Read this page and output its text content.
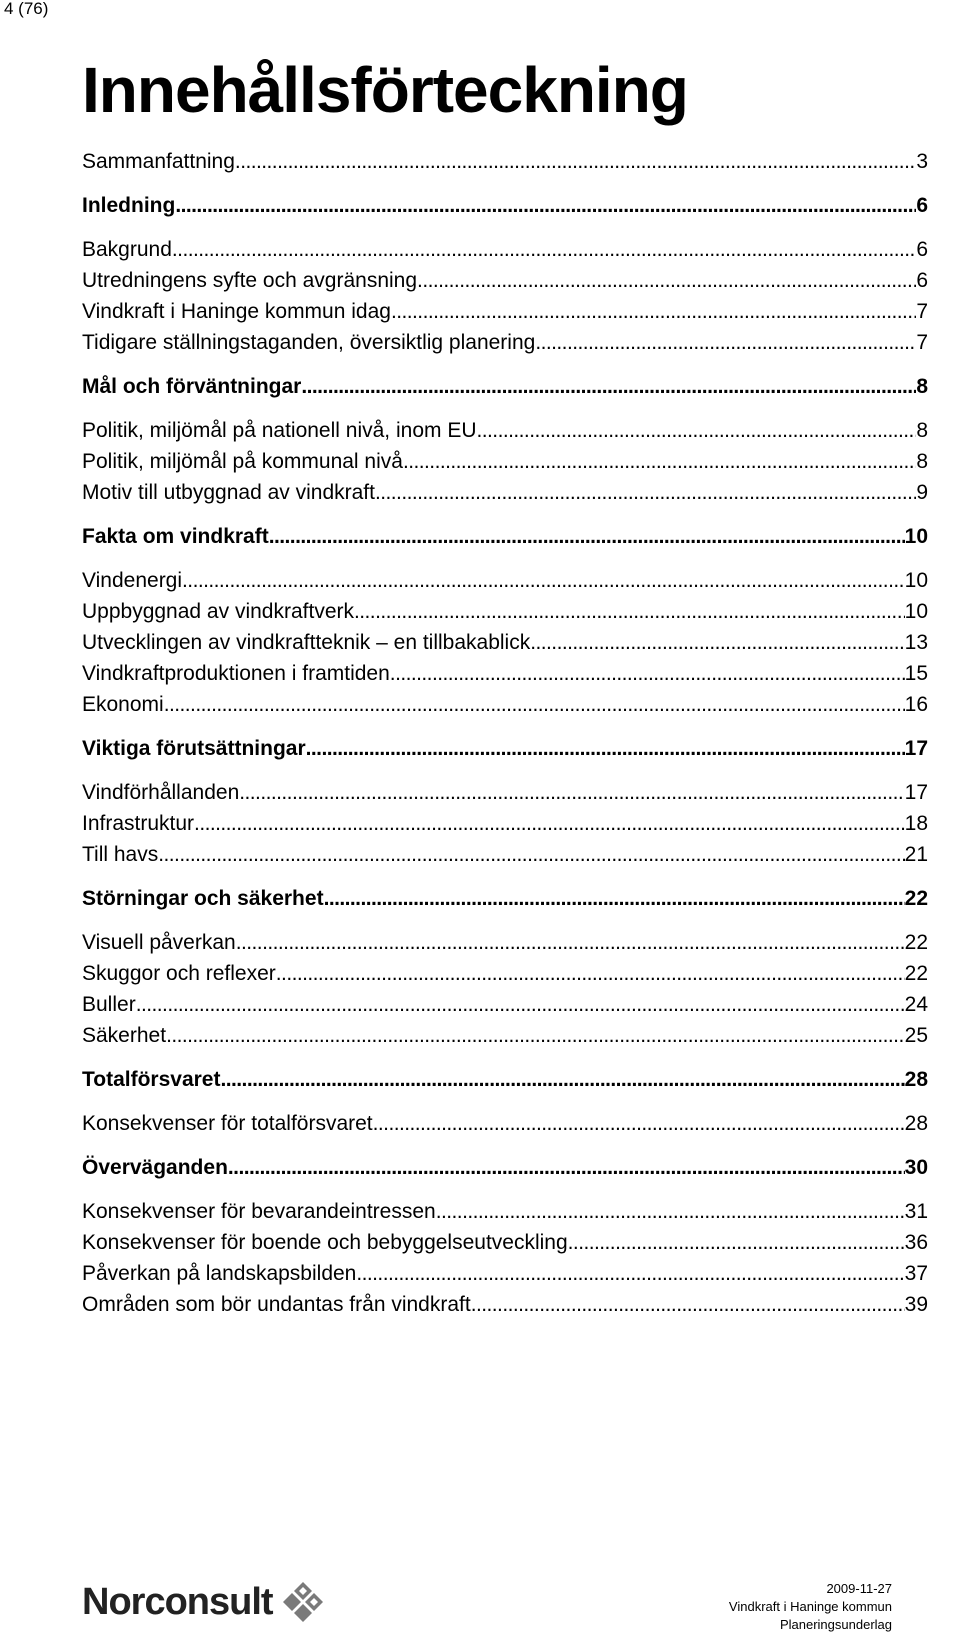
4 (76)
Innehållsförteckning
Sammanfattning . . .	3
Inledning . . .	6
Bakgrund . . .	6
Utredningens syfte och avgränsning . . .	6
Vindkraft i Haninge kommun idag . . .	7
Tidigare ställningstaganden, översiktlig planering . . .	7
Mål och förväntningar . . .	8
Politik, miljömål på nationell nivå, inom EU . . .	8
Politik, miljömål på kommunal nivå . . .	8
Motiv till utbyggnad av vindkraft . . .	9
Fakta om vindkraft . . .	10
Vindenergi . . .	10
Uppbyggnad av vindkraftverk . . .	10
Utvecklingen av vindkraftteknik – en tillbakablick . . .	13
Vindkraftproduktionen i framtiden . . .	15
Ekonomi . . .	16
Viktiga förutsättningar . . .	17
Vindförhållanden . . .	17
Infrastruktur . . .	18
Till havs . . .	21
Störningar och säkerhet . . .	22
Visuell påverkan . . .	22
Skuggor och reflexer . . .	22
Buller . . .	24
Säkerhet . . .	25
Totalförsvaret . . .	28
Konsekvenser för totalförsvaret . . .	28
Överväganden . . .	30
Konsekvenser för bevarandeintressen . . .	31
Konsekvenser för boende och bebyggelseutveckling . . .	36
Påverkan på landskapsbilden . . .	37
Områden som bör undantas från vindkraft . . .	39
Norconsult	2009-11-27
Vindkraft i Haninge kommun
Planeringsunderlag
